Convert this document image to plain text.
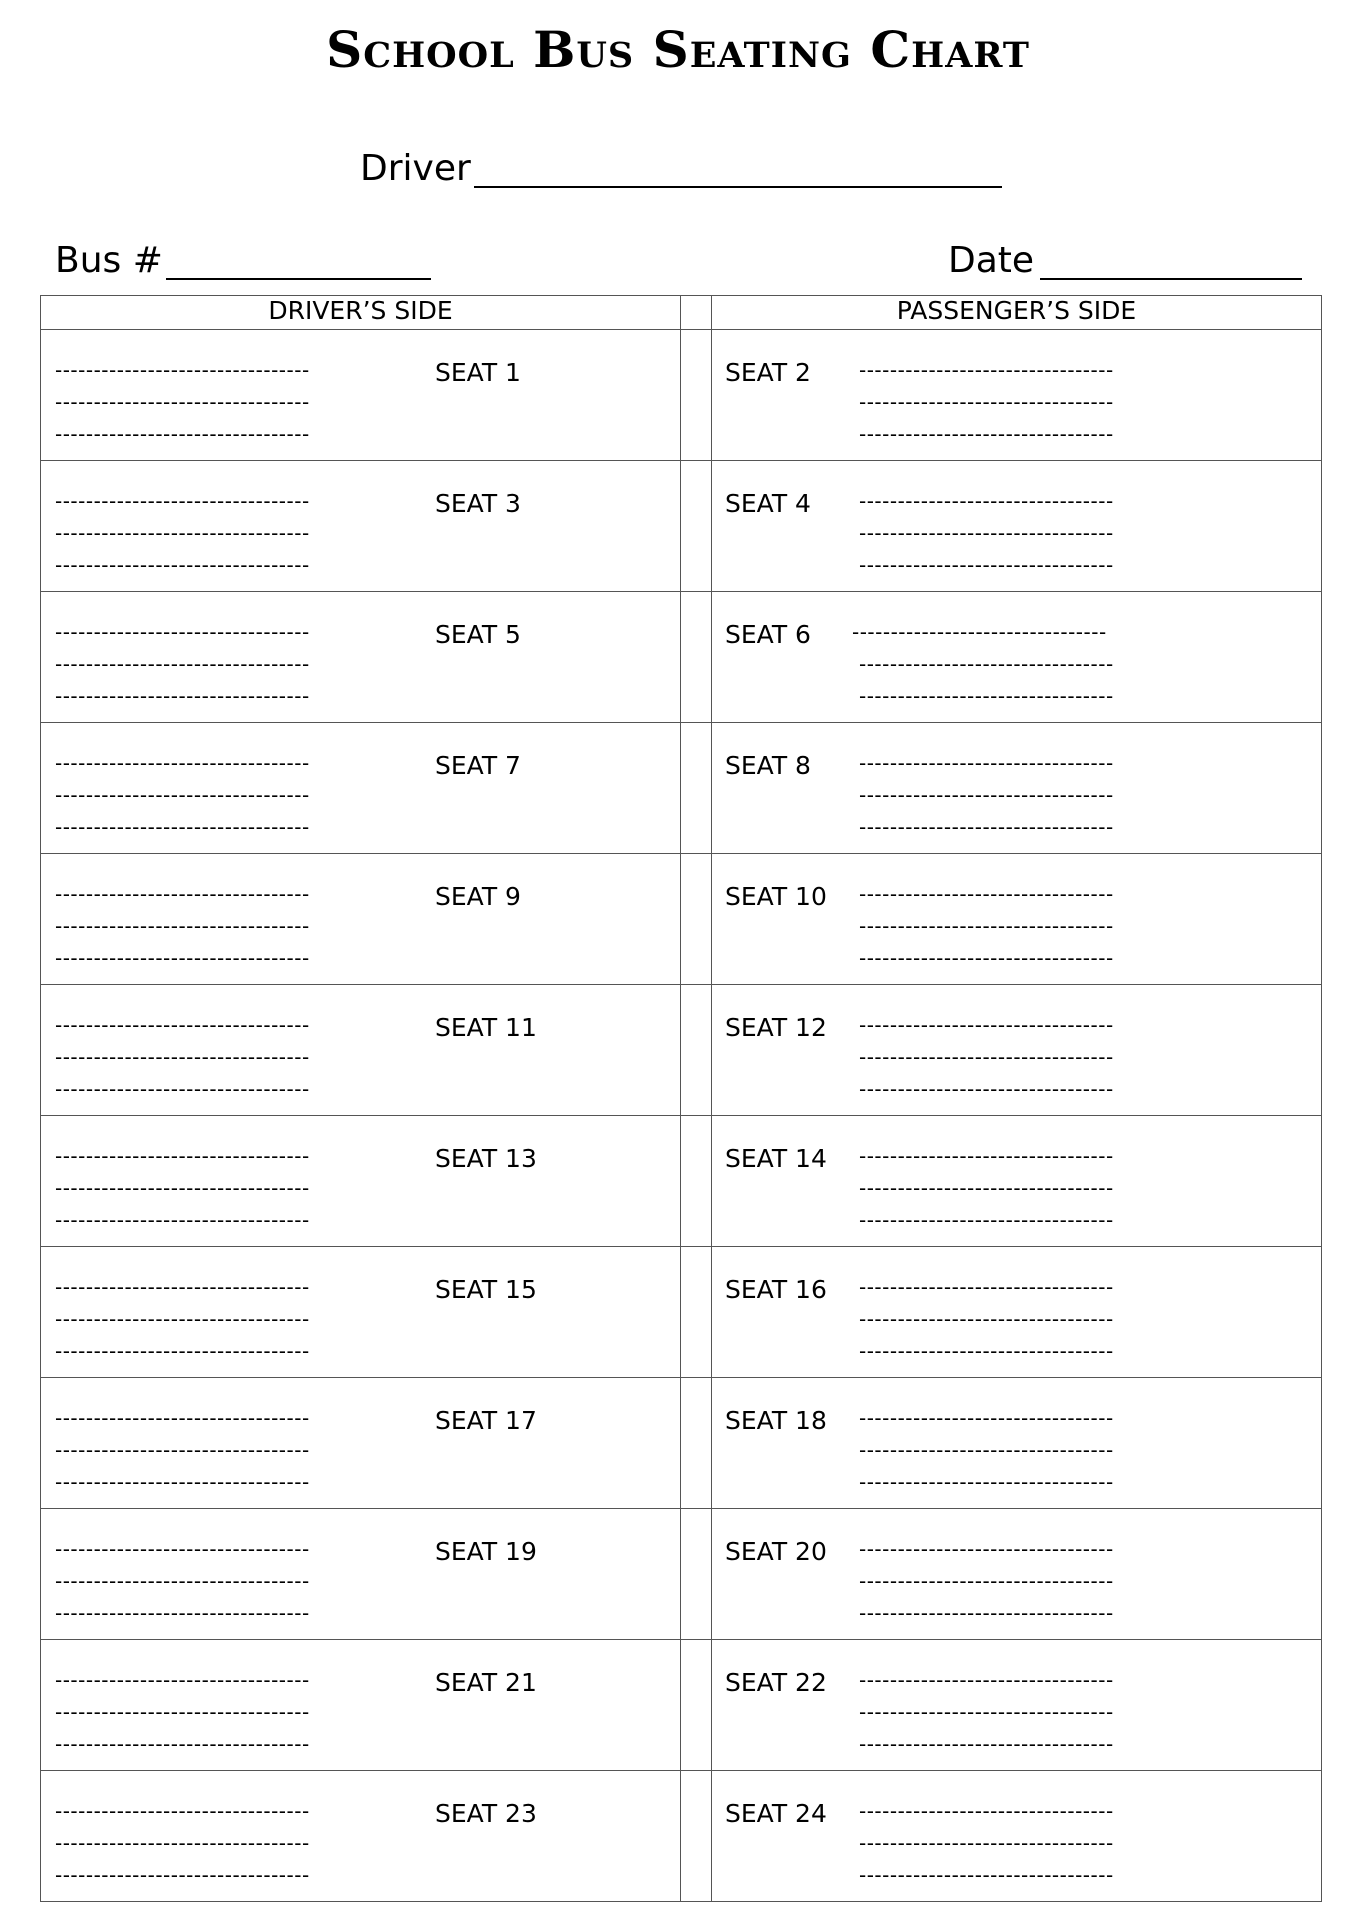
School Bus Seating Chart
Driver
Bus #	Date
DRIVER’S SIDE		PASSENGER’S SIDE

---------------------------------
---------------------------------
---------------------------------
SEAT 1		SEAT 2 ---------------------------------
---------------------------------
---------------------------------

---------------------------------
---------------------------------
---------------------------------
SEAT 3		SEAT 4 ---------------------------------
---------------------------------
---------------------------------

---------------------------------
---------------------------------
---------------------------------
SEAT 5		SEAT 6 ---------------------------------
---------------------------------
---------------------------------

---------------------------------
---------------------------------
---------------------------------
SEAT 7		SEAT 8 ---------------------------------
---------------------------------
---------------------------------

---------------------------------
---------------------------------
---------------------------------
SEAT 9		SEAT 10 ---------------------------------
---------------------------------
---------------------------------

---------------------------------
---------------------------------
---------------------------------
SEAT 11		SEAT 12 ---------------------------------
---------------------------------
---------------------------------

---------------------------------
---------------------------------
---------------------------------
SEAT 13		SEAT 14 ---------------------------------
---------------------------------
---------------------------------

---------------------------------
---------------------------------
---------------------------------
SEAT 15		SEAT 16 ---------------------------------
---------------------------------
---------------------------------

---------------------------------
---------------------------------
---------------------------------
SEAT 17		SEAT 18 ---------------------------------
---------------------------------
---------------------------------

---------------------------------
---------------------------------
---------------------------------
SEAT 19		SEAT 20 ---------------------------------
---------------------------------
---------------------------------

---------------------------------
---------------------------------
---------------------------------
SEAT 21		SEAT 22 ---------------------------------
---------------------------------
---------------------------------

---------------------------------
---------------------------------
---------------------------------
SEAT 23		SEAT 24 ---------------------------------
---------------------------------
---------------------------------
